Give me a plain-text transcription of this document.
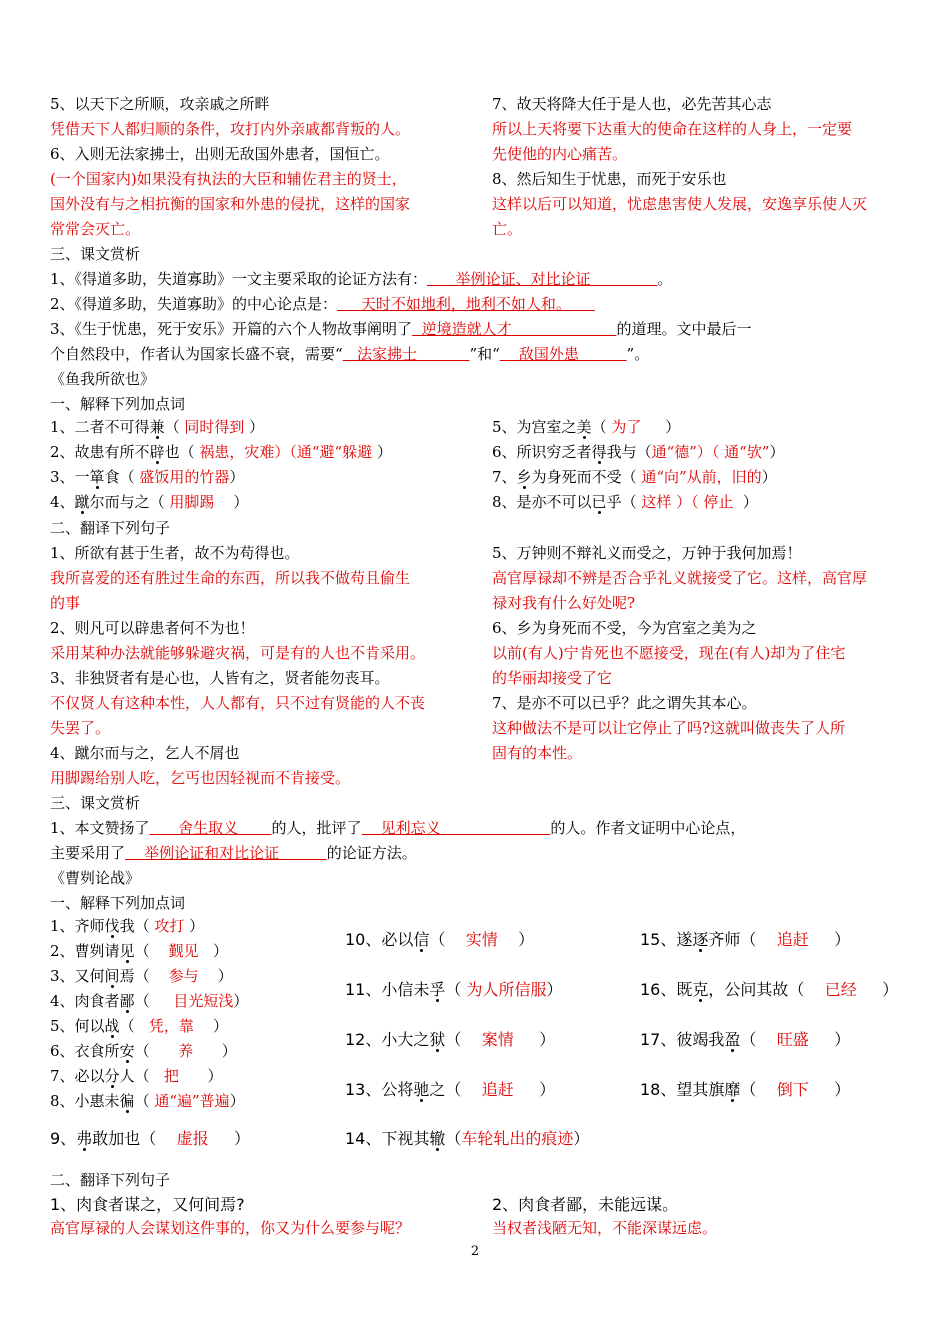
5、以天下之所顺，攻亲戚之所畔
凭借天下人都归顺的条件，攻打内外亲戚都背叛的人。
6、入则无法家拂士，出则无敌国外患者，国恒亡。
(一个国家内)如果没有执法的大臣和辅佐君主的贤士，
国外没有与之相抗衡的国家和外患的侵扰，这样的国家
常常会灭亡。
7、故天将降大任于是人也，必先苦其心志
所以上天将要下达重大的使命在这样的人身上，一定要
先使他的内心痛苦。
8、然后知生于忧患，而死于安乐也
这样以后可以知道，忧虑患害使人发展，安逸享乐使人灭
亡。
三、课文赏析
1、《得道多助，失道寡助》一文主要采取的论证方法有：      举例论证、对比论证              。
2、《得道多助，失道寡助》的中心论点是：     天时不如地利，地利不如人和。
3、《生于忧患，死于安乐》开篇的六个人物故事阐明了  逆境造就人才                      的道理。文中最后一
个自然段中，作者认为国家长盛不衰，需要“   法家拂士           ”和“    敌国外患          ”。
《鱼我所欲也》
一、解释下列加点词
1、二者不可得兼（ 同时得到 ）
2、故患有所不辟也（ 祸患，灾难）（通“避“躲避 ）
3、一箪食（ 盛饭用的竹器）
4、蹴尔而与之（ 用脚踢    ）
5、为宫室之美（ 为了     ）
6、所识穷乏者得我与（通“德”）（ 通“欤”）
7、乡为身死而不受（ 通“向”从前，旧的）
8、是亦不可以已乎（ 这样 ）（ 停止  ）
二、翻译下列句子
1、所欲有甚于生者，故不为苟得也。
我所喜爱的还有胜过生命的东西，所以我不做苟且偷生
的事
2、则凡可以辟患者何不为也！
采用某种办法就能够躲避灾祸，可是有的人也不肯采用。
3、非独贤者有是心也，人皆有之，贤者能勿丧耳。
不仅贤人有这种本性，人人都有，只不过有贤能的人不丧
失罢了。
4、蹴尔而与之，乞人不屑也
用脚踢给别人吃，乞丐也因轻视而不肯接受。
5、万钟则不辩礼义而受之，万钟于我何加焉！
高官厚禄却不辨是否合乎礼义就接受了它。这样，高官厚
禄对我有什么好处呢?
6、乡为身死而不受，今为宫室之美为之
以前(有人)宁肯死也不愿接受，现在(有人)却为了住宅
的华丽却接受了它
7、是亦不可以已乎？此之谓失其本心。
这种做法不是可以让它停止了吗?这就叫做丧失了人所
固有的本性。
三、课文赏析
1、本文赞扬了      舍生取义       的人，批评了    见利忘义                       的人。作者文证明中心论点，
主要采用了    举例论证和对比论证          的论证方法。
《曹刿论战》
一、解释下列加点词
1、齐师伐我（ 攻打 ）
2、曹刿请见（    觐见   ）
3、又何间焉（    参与    ）
4、肉食者鄙（     目光短浅）
5、何以战（   凭，靠    ）
6、衣食所安（      养      ）
7、必以分人（   把      ）
8、小惠未徧（ 通“遍”普遍）
9、弗敢加也（    虚报     ）
10、必以信（    实情    ）
11、小信未孚（ 为人所信服）
12、小大之狱（    案情     ）
13、公将驰之（    追赶     ）
14、下视其辙（车轮轧出的痕迹）
15、遂逐齐师（    追赶     ）
16、既克，公问其故（    已经     ）
17、彼竭我盈（    旺盛     ）
18、望其旗靡（    倒下     ）
二、翻译下列句子
1、肉食者谋之，又何间焉?
高官厚禄的人会谋划这件事的，你又为什么要参与呢？
2、肉食者鄙，未能远谋。
当权者浅陋无知，不能深谋远虑。
2
